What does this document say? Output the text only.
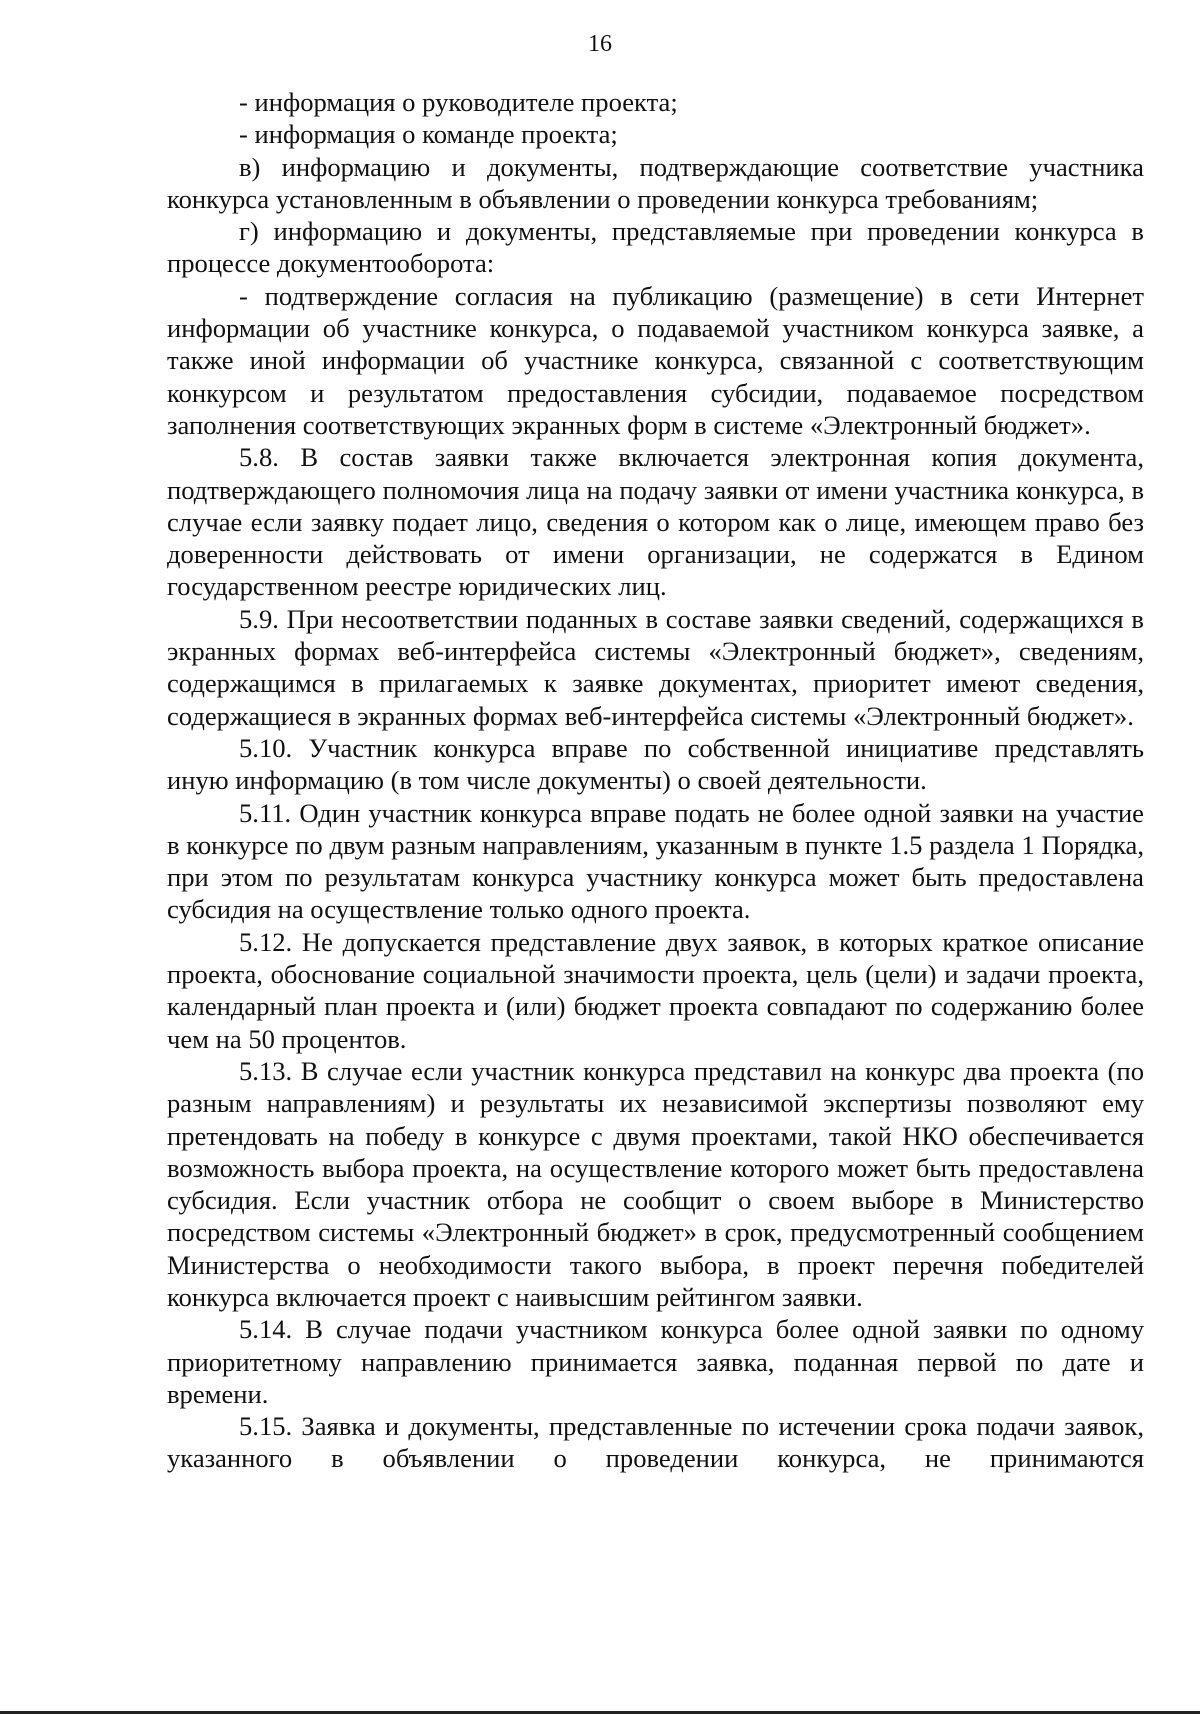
16

- информация о руководителе проекта;

- информация о команде проекта;

в) информацию и документы, подтверждающие соответствие участника конкурса установленным в объявлении о проведении конкурса требованиям;

г) информацию и документы, представляемые при проведении конкурса в процессе документооборота:

- подтверждение согласия на публикацию (размещение) в сети Интернет информации об участнике конкурса, о подаваемой участником конкурса заявке, а также иной информации об участнике конкурса, связанной с соответствующим конкурсом и результатом предоставления субсидии, подаваемое посредством заполнения соответствующих экранных форм в системе «Электронный бюджет».

5.8. В состав заявки также включается электронная копия документа, подтверждающего полномочия лица на подачу заявки от имени участника конкурса, в случае если заявку подает лицо, сведения о котором как о лице, имеющем право без доверенности действовать от имени организации, не содержатся в Едином государственном реестре юридических лиц.

5.9. При несоответствии поданных в составе заявки сведений, содержащихся в экранных формах веб-интерфейса системы «Электронный бюджет», сведениям, содержащимся в прилагаемых к заявке документах, приоритет имеют сведения, содержащиеся в экранных формах веб-интерфейса системы «Электронный бюджет».

5.10. Участник конкурса вправе по собственной инициативе представлять иную информацию (в том числе документы) о своей деятельности.

5.11. Один участник конкурса вправе подать не более одной заявки на участие в конкурсе по двум разным направлениям, указанным в пункте 1.5 раздела 1 Порядка, при этом по результатам конкурса участнику конкурса может быть предоставлена субсидия на осуществление только одного проекта.

5.12. Не допускается представление двух заявок, в которых краткое описание проекта, обоснование социальной значимости проекта, цель (цели) и задачи проекта, календарный план проекта и (или) бюджет проекта совпадают по содержанию более чем на 50 процентов.

5.13. В случае если участник конкурса представил на конкурс два проекта (по разным направлениям) и результаты их независимой экспертизы позволяют ему претендовать на победу в конкурсе с двумя проектами, такой НКО обеспечивается возможность выбора проекта, на осуществление которого может быть предоставлена субсидия. Если участник отбора не сообщит о своем выборе в Министерство посредством системы «Электронный бюджет» в срок, предусмотренный сообщением Министерства о необходимости такого выбора, в проект перечня победителей конкурса включается проект с наивысшим рейтингом заявки.

5.14. В случае подачи участником конкурса более одной заявки по одному приоритетному направлению принимается заявка, поданная первой по дате и времени.

5.15. Заявка и документы, представленные по истечении срока подачи заявок, указанного в объявлении о проведении конкурса, не принимаются
